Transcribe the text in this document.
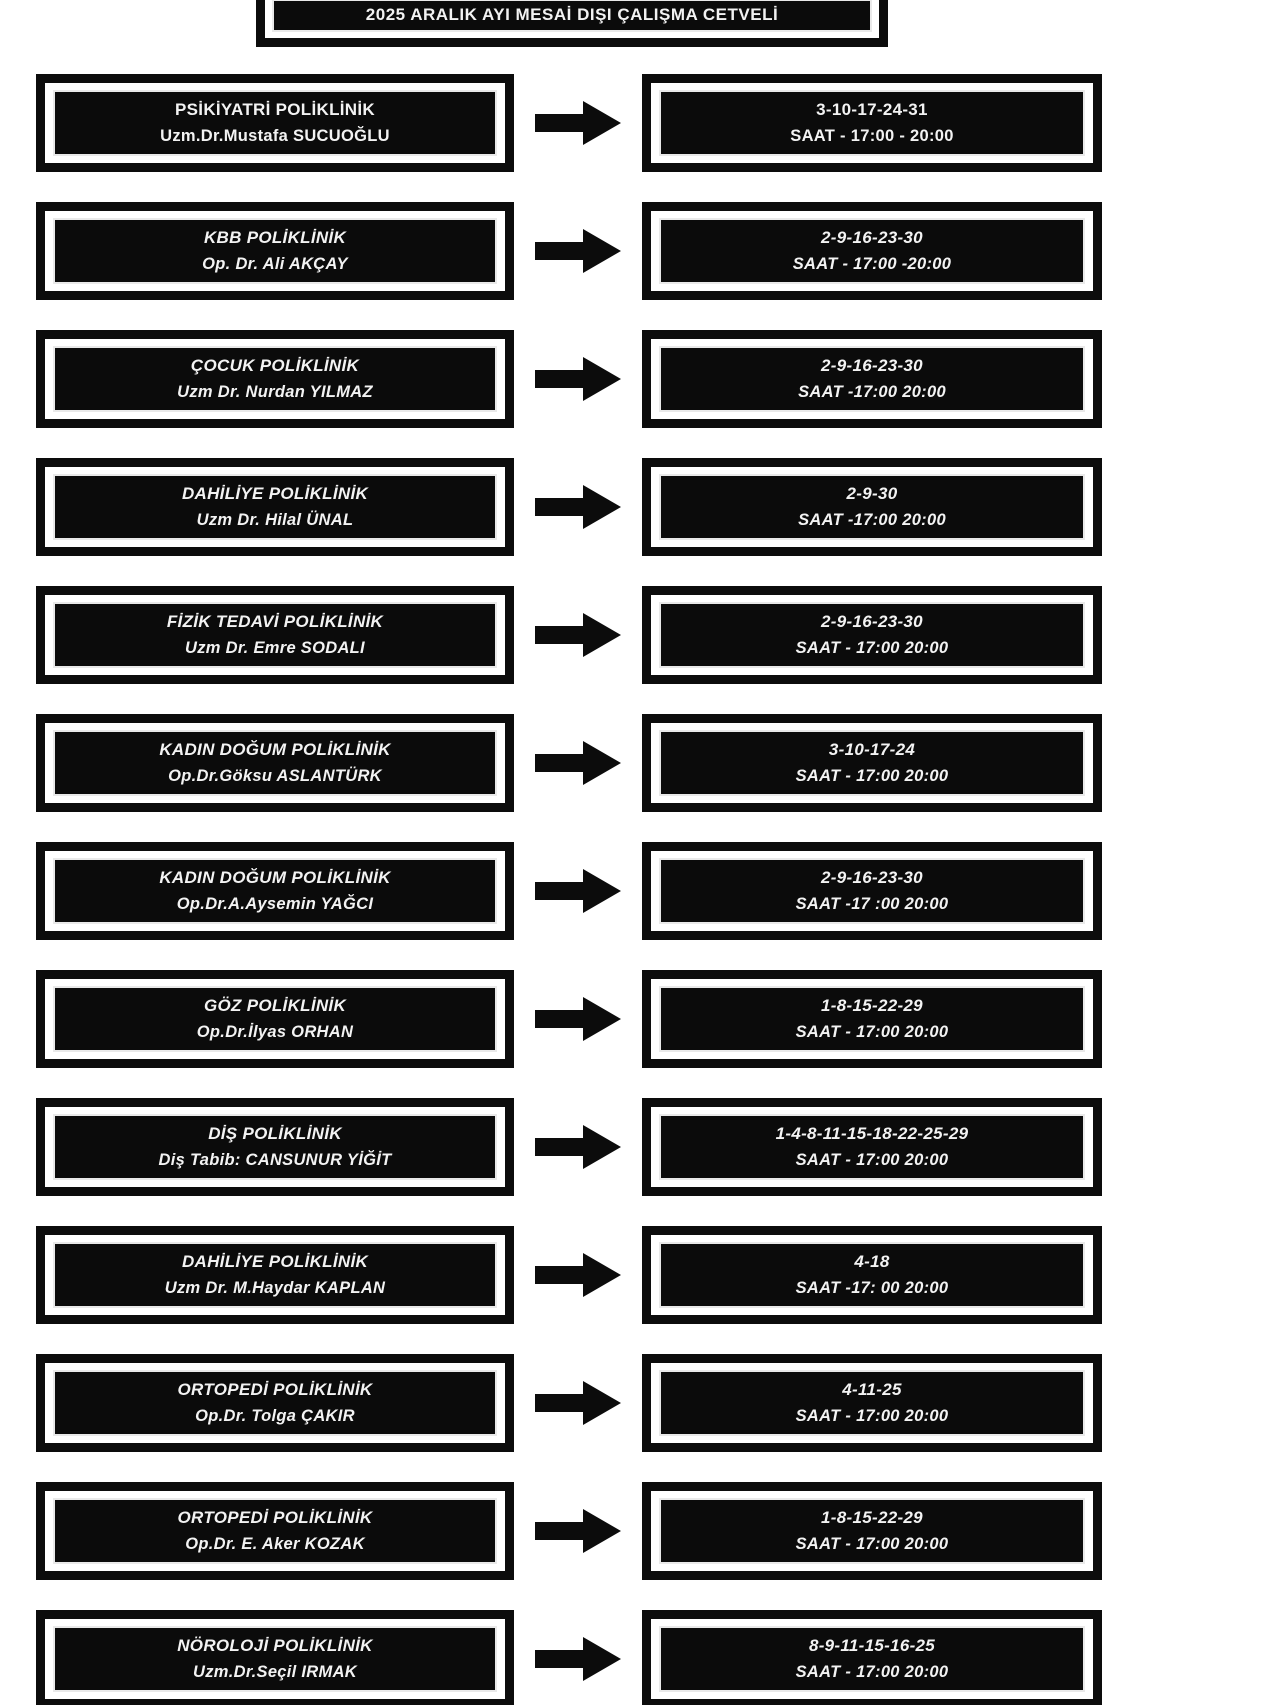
2025 ARALIK AYI MESAİ DIŞI ÇALIŞMA CETVELİ
PSİKİYATRİ POLİKLİNİK
Uzm.Dr.Mustafa SUCUOĞLU
3-10-17-24-31
SAAT - 17:00 - 20:00
KBB POLİKLİNİK
Op. Dr. Ali AKÇAY
2-9-16-23-30
SAAT - 17:00 -20:00
ÇOCUK POLİKLİNİK
Uzm Dr. Nurdan YILMAZ
2-9-16-23-30
SAAT -17:00 20:00
DAHİLİYE POLİKLİNİK
Uzm Dr. Hilal ÜNAL
2-9-30
SAAT -17:00 20:00
FİZİK TEDAVİ POLİKLİNİK
Uzm Dr. Emre SODALI
2-9-16-23-30
SAAT - 17:00 20:00
KADIN DOĞUM POLİKLİNİK
Op.Dr.Göksu ASLANTÜRK
3-10-17-24
SAAT - 17:00 20:00
KADIN DOĞUM POLİKLİNİK
Op.Dr.A.Aysemin YAĞCI
2-9-16-23-30
SAAT -17 :00 20:00
GÖZ POLİKLİNİK
Op.Dr.İlyas ORHAN
1-8-15-22-29
SAAT - 17:00 20:00
DİŞ POLİKLİNİK
Diş Tabib: CANSUNUR YİĞİT
1-4-8-11-15-18-22-25-29
SAAT - 17:00 20:00
DAHİLİYE POLİKLİNİK
Uzm Dr. M.Haydar KAPLAN
4-18
SAAT -17: 00 20:00
ORTOPEDİ POLİKLİNİK
Op.Dr. Tolga ÇAKIR
4-11-25
SAAT - 17:00 20:00
ORTOPEDİ POLİKLİNİK
Op.Dr. E. Aker KOZAK
1-8-15-22-29
SAAT - 17:00 20:00
NÖROLOJİ POLİKLİNİK
Uzm.Dr.Seçil IRMAK
8-9-11-15-16-25
SAAT - 17:00 20:00
